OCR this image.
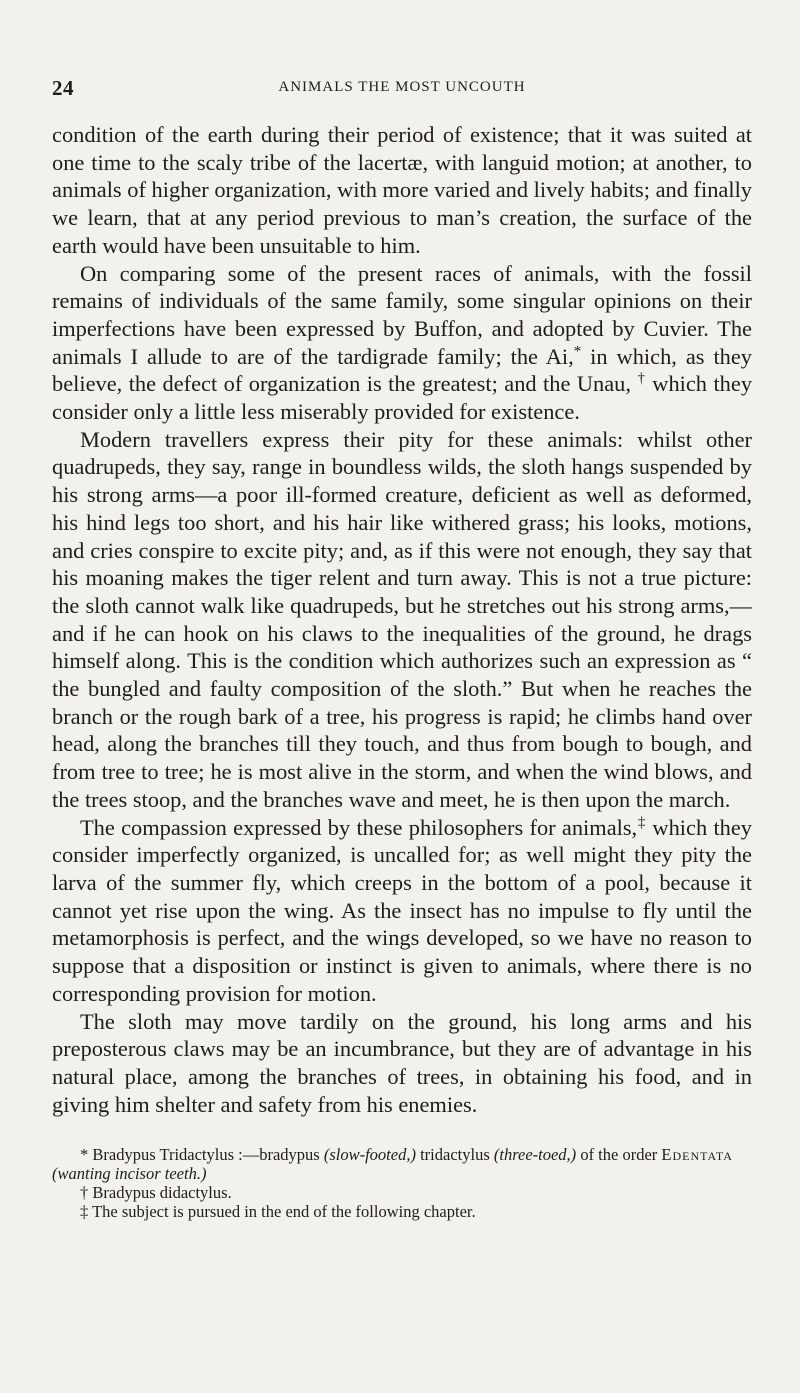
24	ANIMALS THE MOST UNCOUTH

condition of the earth during their period of existence; that it was suited at one time to the scaly tribe of the lacertæ, with languid motion; at another, to animals of higher organization, with more varied and lively habits; and finally we learn, that at any period previous to man’s creation, the surface of the earth would have been unsuitable to him.

On comparing some of the present races of animals, with the fossil remains of individuals of the same family, some singular opinions on their imperfections have been expressed by Buffon, and adopted by Cuvier. The animals I allude to are of the tardigrade family; the Ai,* in which, as they believe, the defect of organization is the greatest; and the Unau, † which they consider only a little less miserably provided for existence.

Modern travellers express their pity for these animals: whilst other quadrupeds, they say, range in boundless wilds, the sloth hangs suspended by his strong arms—a poor ill-formed creature, deficient as well as deformed, his hind legs too short, and his hair like withered grass; his looks, motions, and cries conspire to excite pity; and, as if this were not enough, they say that his moaning makes the tiger relent and turn away. This is not a true picture: the sloth cannot walk like quadrupeds, but he stretches out his strong arms,—and if he can hook on his claws to the inequalities of the ground, he drags himself along. This is the condition which authorizes such an expression as “ the bungled and faulty composition of the sloth.” But when he reaches the branch or the rough bark of a tree, his progress is rapid; he climbs hand over head, along the branches till they touch, and thus from bough to bough, and from tree to tree; he is most alive in the storm, and when the wind blows, and the trees stoop, and the branches wave and meet, he is then upon the march.

The compassion expressed by these philosophers for animals,‡ which they consider imperfectly organized, is uncalled for; as well might they pity the larva of the summer fly, which creeps in the bottom of a pool, because it cannot yet rise upon the wing. As the insect has no impulse to fly until the metamorphosis is perfect, and the wings developed, so we have no reason to suppose that a disposition or instinct is given to animals, where there is no corresponding provision for motion.

The sloth may move tardily on the ground, his long arms and his preposterous claws may be an incumbrance, but they are of advantage in his natural place, among the branches of trees, in obtaining his food, and in giving him shelter and safety from his enemies.

* Bradypus Tridactylus :—bradypus (slow-footed,) tridactylus (three-toed,) of the order Edentata (wanting incisor teeth.)

† Bradypus didactylus.

‡ The subject is pursued in the end of the following chapter.
